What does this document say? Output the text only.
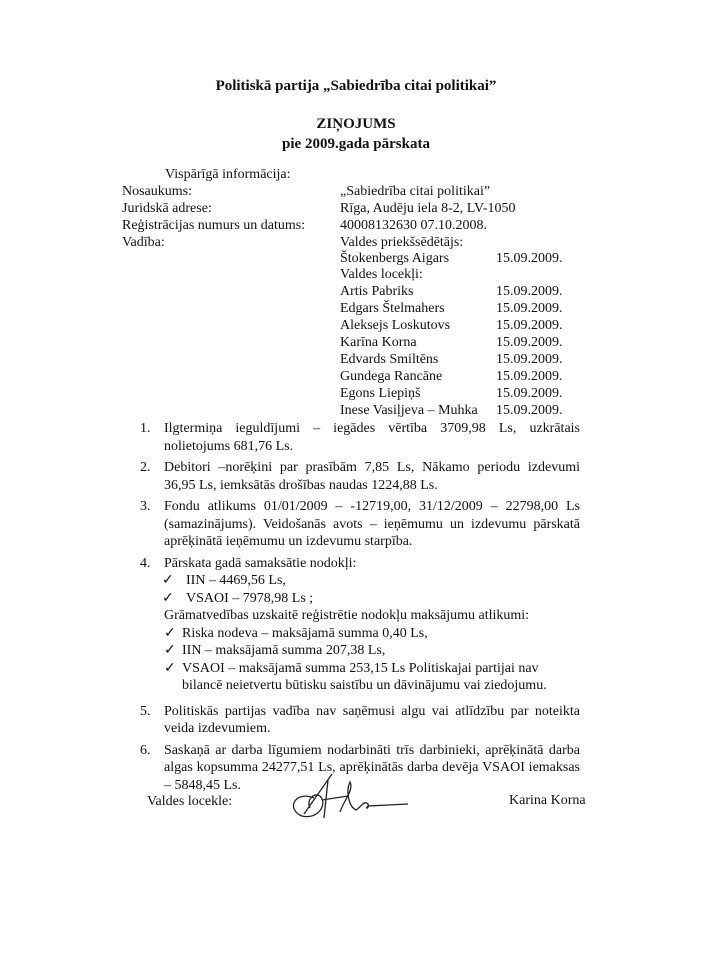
Politiskā partija „Sabiedrība citai politikai”
ZIŅOJUMS
pie 2009.gada pārskata
Vispārīgā informācija:
Nosaukums:	„Sabiedrība citai politikai”
Juridskā adrese:	Rīga, Audēju iela 8-2, LV-1050
Reģistrācijas numurs un datums: 40008132630 07.10.2008.
Vadība:	Valdes priekšsēdētājs:
Štokenbergs Aigars	15.09.2009.
Valdes locekļi:
Artis Pabriks	15.09.2009.
Edgars Štelmahers	15.09.2009.
Aleksejs Loskutovs	15.09.2009.
Karīna Korna	15.09.2009.
Edvards Smiltēns	15.09.2009.
Gundega Rancāne	15.09.2009.
Egons Liepiņš	15.09.2009.
Inese Vasiļjeva – Muhka 15.09.2009.
1. Ilgtermiņa ieguldījumi – iegādes vērtība 3709,98 Ls, uzkrātais nolietojums 681,76 Ls.
2. Debitori –norēķini par prasībām 7,85 Ls, Nākamo periodu izdevumi 36,95 Ls, iemksātās drošības naudas 1224,88 Ls.
3. Fondu atlikums 01/01/2009 – -12719,00, 31/12/2009 – 22798,00 Ls (samazinājums). Veidošanās avots – ieņēmumu un izdevumu pārskatā aprēķinātā ieņēmumu un izdevumu starpība.
4. Pārskata gadā samaksātie nodokļi:
✓ IIN – 4469,56 Ls,
✓ VSAOI – 7978,98 Ls ;
Grāmatvedības uzskaitē reģistrētie nodokļu maksājumu atlikumi:
✓ Riska nodeva – maksājamā summa 0,40 Ls,
✓ IIN – maksājamā summa 207,38 Ls,
✓ VSAOI – maksājamā summa 253,15 Ls Politiskajai partijai nav bilancē neietvertu būtisku saistību un dāvinājumu vai ziedojumu.
5. Politiskās partijas vadība nav saņēmusi algu vai atlīdzību par noteikta veida izdevumiem.
6. Saskaņā ar darba līgumiem nodarbināti trīs darbinieki, aprēķinātā darba algas kopsumma 24277,51 Ls, aprēķinātās darba devēja VSAOI iemaksas – 5848,45 Ls.
Valdes locekle:	Karina Korna
